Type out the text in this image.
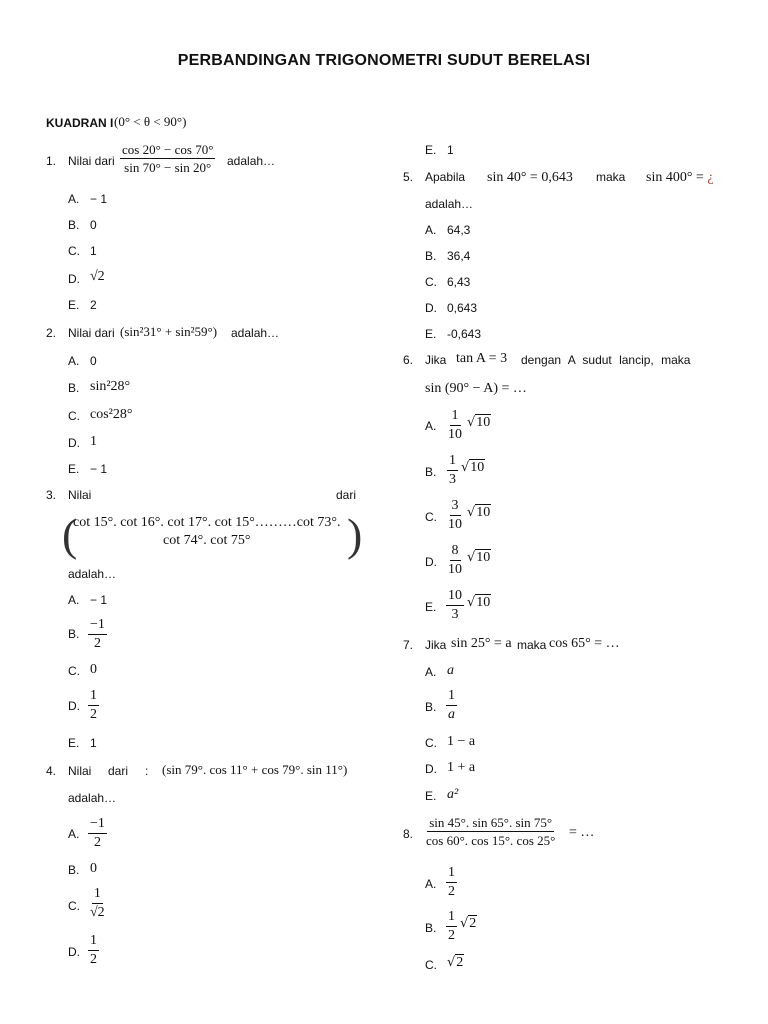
PERBANDINGAN TRIGONOMETRI SUDUT BERELASI
KUADRAN I (0° < θ < 90°)
1. Nilai dari $\frac{\cos 20^\circ - \cos 70^\circ}{\sin 70^\circ - \sin 20^\circ}$ adalah…
A. − 1
B. 0
C. 1
D. √2
E. 2
2. Nilai dari (sin²31° + sin²59°) adalah…
A. 0
B. sin²28°
C. cos²28°
D. 1
E. − 1
3. Nilai	dari
(
cot 15°. cot 16°. cot 17°. cot 15°………cot 73°.
cot 74°. cot 75° )
adalah…
A. − 1
B. $\frac{-1}{2}$
C. 0
D. $\frac{1}{2}$
E. 1
4. Nilai dari : (sin 79°. cos 11° + cos 79°. sin 11°)
adalah…
A. $\frac{-1}{2}$
B. 0
C. $\frac{1}{√2}$
D. $\frac{1}{2}$
E. 1
5. Apabila sin 40° = 0,643 maka sin 400° = ¿
adalah…
A. 64,3
B. 36,4
C. 6,43
D. 0,643
E. -0,643
6. Jika tan A = 3 dengan A sudut lancip, maka
sin (90° − A) = …
A. $\frac{1}{10} √10$
B. $\frac{1}{3} √10$
C. $\frac{3}{10} √10$
D. $\frac{8}{10} √10$
E. $\frac{10}{3} √10$
7. Jika sin 25° = a maka cos 65° = …
A. a
B. $\frac{1}{a}$
C. 1 − a
D. 1 + a
E. a²
8. $\frac{\sin 45^\circ. \sin 65^\circ. \sin 75^\circ}{\cos 60^\circ. \cos 15^\circ. \cos 25^\circ}$ = …
A. $\frac{1}{2}$
B. $\frac{1}{2} √2$
C. √2
